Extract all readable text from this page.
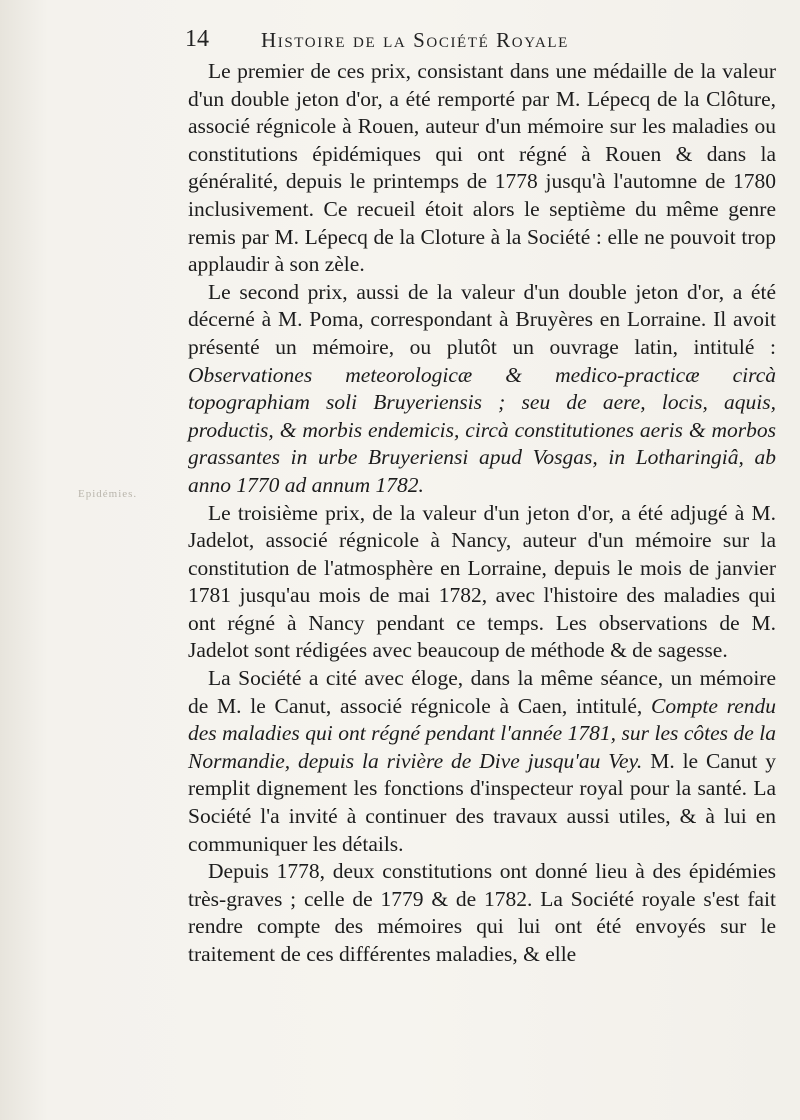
Epidémies.
14 Histoire de la Société Royale

Le premier de ces prix, consistant dans une médaille de la valeur d'un double jeton d'or, a été remporté par M. Lépecq de la Clôture, associé régnicole à Rouen, auteur d'un mémoire sur les maladies ou constitutions épidémiques qui ont régné à Rouen & dans la généralité, depuis le printemps de 1778 jusqu'à l'automne de 1780 inclusivement. Ce recueil étoit alors le septième du même genre remis par M. Lépecq de la Cloture à la Société : elle ne pouvoit trop applaudir à son zèle.

Le second prix, aussi de la valeur d'un double jeton d'or, a été décerné à M. Poma, correspondant à Bruyères en Lorraine. Il avoit présenté un mémoire, ou plutôt un ouvrage latin, intitulé : Observationes meteorologicæ & medico-practicæ circà topographiam soli Bruyeriensis ; seu de aere, locis, aquis, productis, & morbis endemicis, circà constitutiones aeris & morbos grassantes in urbe Bruyeriensi apud Vosgas, in Lotharingiâ, ab anno 1770 ad annum 1782.

Le troisième prix, de la valeur d'un jeton d'or, a été adjugé à M. Jadelot, associé régnicole à Nancy, auteur d'un mémoire sur la constitution de l'atmosphère en Lorraine, depuis le mois de janvier 1781 jusqu'au mois de mai 1782, avec l'histoire des maladies qui ont régné à Nancy pendant ce temps. Les observations de M. Jadelot sont rédigées avec beaucoup de méthode & de sagesse.

La Société a cité avec éloge, dans la même séance, un mémoire de M. le Canut, associé régnicole à Caen, intitulé, Compte rendu des maladies qui ont régné pendant l'année 1781, sur les côtes de la Normandie, depuis la rivière de Dive jusqu'au Vey. M. le Canut y remplit dignement les fonctions d'inspecteur royal pour la santé. La Société l'a invité à continuer des travaux aussi utiles, & à lui en communiquer les détails.

Depuis 1778, deux constitutions ont donné lieu à des épidémies très-graves ; celle de 1779 & de 1782. La Société royale s'est fait rendre compte des mémoires qui lui ont été envoyés sur le traitement de ces différentes maladies, & elle
